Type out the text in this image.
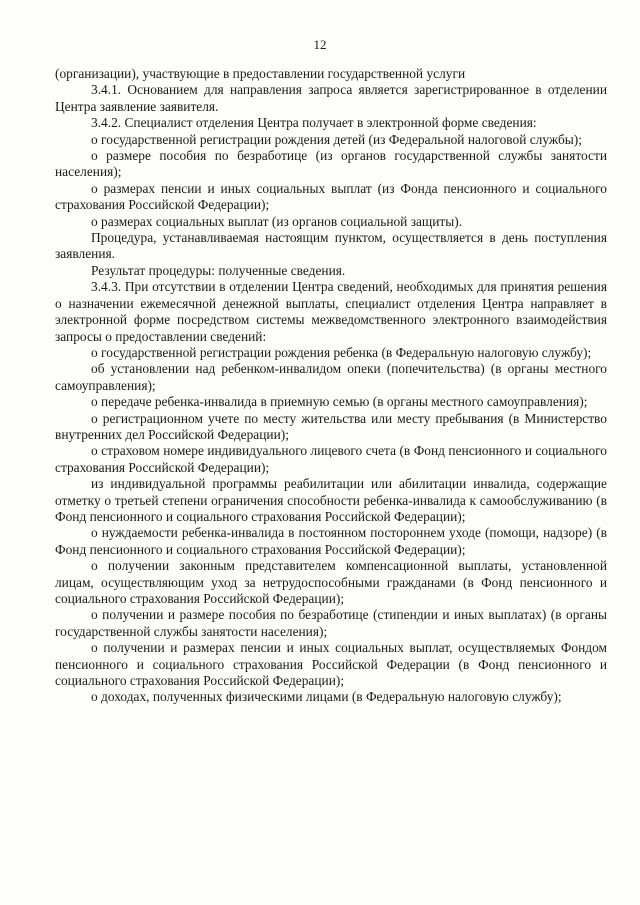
12

(организации), участвующие в предоставлении государственной услуги

3.4.1. Основанием для направления запроса является зарегистрированное в отделении Центра заявление заявителя.

3.4.2. Специалист отделения Центра получает в электронной форме сведения:

о государственной регистрации рождения детей (из Федеральной налоговой службы);

о размере пособия по безработице (из органов государственной службы занятости населения);

о размерах пенсии и иных социальных выплат (из Фонда пенсионного и социального страхования Российской Федерации);

о размерах социальных выплат (из органов социальной защиты).

Процедура, устанавливаемая настоящим пунктом, осуществляется в день поступления заявления.

Результат процедуры: полученные сведения.

3.4.3. При отсутствии в отделении Центра сведений, необходимых для принятия решения о назначении ежемесячной денежной выплаты, специалист отделения Центра направляет в электронной форме посредством системы межведомственного электронного взаимодействия запросы о предоставлении сведений:

о государственной регистрации рождения ребенка (в Федеральную налоговую службу);

об установлении над ребенком-инвалидом опеки (попечительства) (в органы местного самоуправления);

о передаче ребенка-инвалида в приемную семью (в органы местного самоуправления);

о регистрационном учете по месту жительства или месту пребывания (в Министерство внутренних дел Российской Федерации);

о страховом номере индивидуального лицевого счета (в Фонд пенсионного и социального страхования Российской Федерации);

из индивидуальной программы реабилитации или абилитации инвалида, содержащие отметку о третьей степени ограничения способности ребенка-инвалида к самообслуживанию (в Фонд пенсионного и социального страхования Российской Федерации);

о нуждаемости ребенка-инвалида в постоянном постороннем уходе (помощи, надзоре) (в Фонд пенсионного и социального страхования Российской Федерации);

о получении законным представителем компенсационной выплаты, установленной лицам, осуществляющим уход за нетрудоспособными гражданами (в Фонд пенсионного и социального страхования Российской Федерации);

о получении и размере пособия по безработице (стипендии и иных выплатах) (в органы государственной службы занятости населения);

о получении и размерах пенсии и иных социальных выплат, осуществляемых Фондом пенсионного и социального страхования Российской Федерации (в Фонд пенсионного и социального страхования Российской Федерации);

о доходах, полученных физическими лицами (в Федеральную налоговую службу);
